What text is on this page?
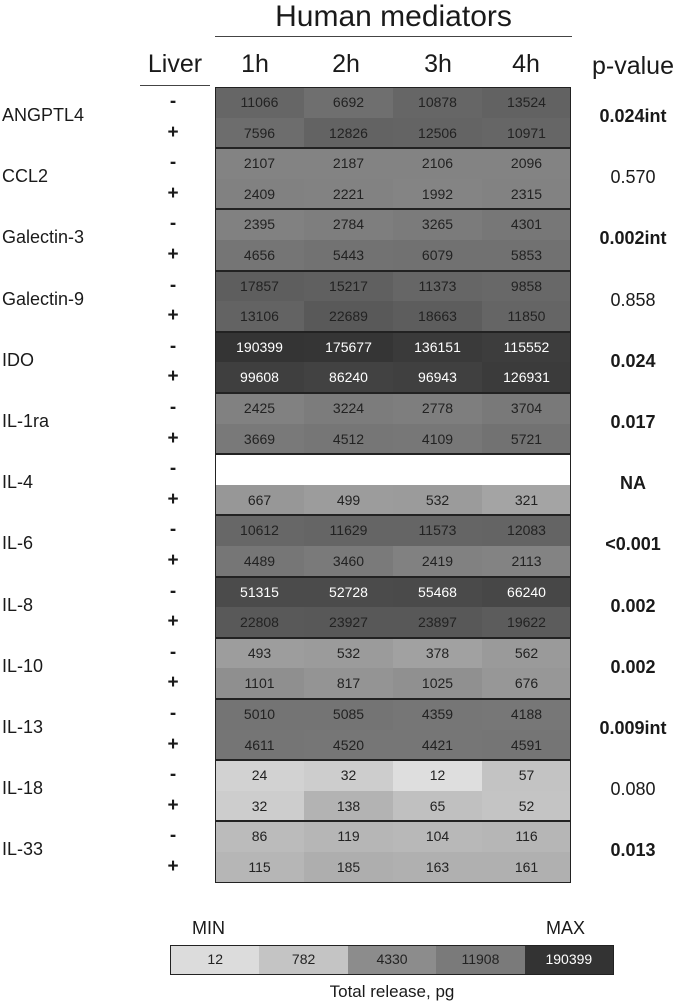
Human mediators
Liver	p-value
MIN	MAX
12	782	4330	11908	190399
Total release, pg
1h	2h	3h	4h
ANGPTL4
-	11066	6692	10878	13524
+	7596	12826	12506	10971
0.024int
CCL2
-	2107	2187	2106	2096
+	2409	2221	1992	2315
0.570
Galectin-3
-	2395	2784	3265	4301
+	4656	5443	6079	5853
0.002int
Galectin-9
-	17857	15217	11373	9858
+	13106	22689	18663	11850
0.858
IDO
-	190399	175677	136151	115552
+	99608	86240	96943	126931
0.024
IL-1ra
-	2425	3224	2778	3704
+	3669	4512	4109	5721
0.017
IL-4
-
+	667	499	532	321
NA
IL-6
-	10612	11629	11573	12083
+	4489	3460	2419	2113
<0.001
IL-8
-	51315	52728	55468	66240
+	22808	23927	23897	19622
0.002
IL-10
-	493	532	378	562
+	1101	817	1025	676
0.002
IL-13
-	5010	5085	4359	4188
+	4611	4520	4421	4591
0.009int
IL-18
-	24	32	12	57
+	32	138	65	52
0.080
IL-33
-	86	119	104	116
+	115	185	163	161
0.013
